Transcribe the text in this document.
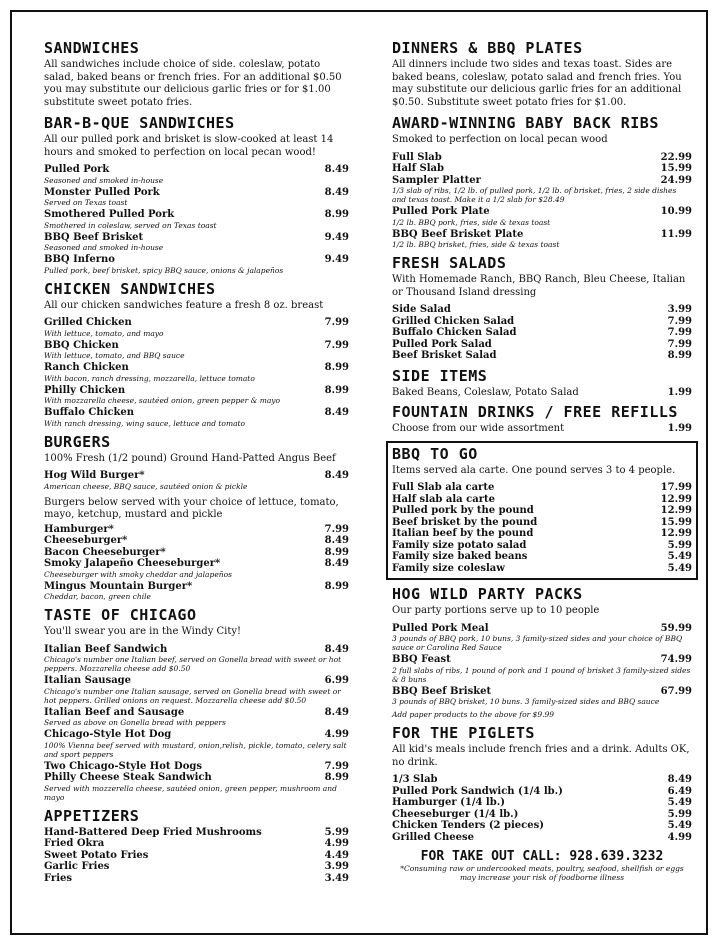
SANDWICHES
All sandwiches include choice of side. coleslaw, potato salad, baked beans or french fries. For an additional $0.50 you may substitute our delicious garlic fries or for $1.00 substitute sweet potato fries.
BAR-B-QUE SANDWICHES
All our pulled pork and brisket is slow-cooked at least 14 hours and smoked to perfection on local pecan wood!
Pulled Pork	8.49
Seasoned and smoked in-house
Monster Pulled Pork	8.49
Served on Texas toast
Smothered Pulled Pork	8.99
Smothered in coleslaw, served on Texas toast
BBQ Beef Brisket	9.49
Seasoned and smoked in-house
BBQ Inferno	9.49
Pulled pork, beef brisket, spicy BBQ sauce, onions & jalapeños
CHICKEN SANDWICHES
All our chicken sandwiches feature a fresh 8 oz. breast
Grilled Chicken	7.99
With lettuce, tomato, and mayo
BBQ Chicken	7.99
With lettuce, tomato, and BBQ sauce
Ranch Chicken	8.99
With bacon, ranch dressing, mozzarella, lettuce tomato
Philly Chicken	8.99
With mozzarella cheese, sautéed onion, green pepper & mayo
Buffalo Chicken	8.49
With ranch dressing, wing sauce, lettuce and tomato
BURGERS
100% Fresh (1/2 pound) Ground Hand-Patted Angus Beef
Hog Wild Burger*	8.49
American cheese, BBQ sauce, sautéed onion & pickle
Burgers below served with your choice of lettuce, tomato, mayo, ketchup, mustard and pickle
Hamburger*	7.99
Cheeseburger*	8.49
Bacon Cheeseburger*	8.99
Smoky Jalapeño Cheeseburger*	8.49
Cheeseburger with smoky cheddar and jalapeños
Mingus Mountain Burger*	8.99
Cheddar, bacon, green chile
TASTE OF CHICAGO
You'll swear you are in the Windy City!
Italian Beef Sandwich	8.49
Chicago's number one Italian beef, served on Gonella bread with sweet or hot peppers. Mozzarella cheese add $0.50
Italian Sausage	6.99
Chicago's number one Italian sausage, served on Gonella bread with sweet or hot peppers. Grilled onions on request. Mozzarella cheese add $0.50
Italian Beef and Sausage	8.49
Served as above on Gonella bread with peppers
Chicago-Style Hot Dog	4.99
100% Vienna beef served with mustard, onion,relish, pickle, tomato, celery salt and sport peppers
Two Chicago-Style Hot Dogs	7.99
Philly Cheese Steak Sandwich	8.99
Served with mozzerella cheese, sautéed onion, green pepper, mushroom and mayo
APPETIZERS
Hand-Battered Deep Fried Mushrooms	5.99
Fried Okra	4.99
Sweet Potato Fries	4.49
Garlic Fries	3.99
Fries	3.49
DINNERS & BBQ PLATES
All dinners include two sides and texas toast. Sides are baked beans, coleslaw, potato salad and french fries. You may substitute our delicious garlic fries for an additional $0.50. Substitute sweet potato fries for $1.00.
AWARD-WINNING BABY BACK RIBS
Smoked to perfection on local pecan wood
Full Slab	22.99
Half Slab	15.99
Sampler Platter	24.99
1/3 slab of ribs, 1/2 lb. of pulled pork, 1/2 lb. of brisket, fries, 2 side dishes and texas toast. Make it a 1/2 slab for $28.49
Pulled Pork Plate	10.99
1/2 lb. BBQ pork, fries, side & texas toast
BBQ Beef Brisket Plate	11.99
1/2 lb. BBQ brisket, fries, side & texas toast
FRESH SALADS
With Homemade Ranch, BBQ Ranch, Bleu Cheese, Italian or Thousand Island dressing
Side Salad	3.99
Grilled Chicken Salad	7.99
Buffalo Chicken Salad	7.99
Pulled Pork Salad	7.99
Beef Brisket Salad	8.99
SIDE ITEMS
Baked Beans, Coleslaw, Potato Salad	1.99
FOUNTAIN DRINKS / FREE REFILLS
Choose from our wide assortment	1.99
BBQ TO GO
Items served ala carte. One pound serves 3 to 4 people.
Full Slab ala carte	17.99
Half slab ala carte	12.99
Pulled pork by the pound	12.99
Beef brisket by the pound	15.99
Italian beef by the pound	12.99
Family size potato salad	5.99
Family size baked beans	5.49
Family size coleslaw	5.49
HOG WILD PARTY PACKS
Our party portions serve up to 10 people
Pulled Pork Meal	59.99
3 pounds of BBQ pork, 10 buns, 3 family-sized sides and your choice of BBQ sauce or Carolina Red Sauce
BBQ Feast	74.99
2 full slabs of ribs, 1 pound of pork and 1 pound of brisket 3 family-sized sides & 8 buns
BBQ Beef Brisket	67.99
3 pounds of BBQ brisket, 10 buns. 3 family-sized sides and BBQ sauce
Add paper products to the above for $9.99
FOR THE PIGLETS
All kid's meals include french fries and a drink. Adults OK, no drink.
1/3 Slab	8.49
Pulled Pork Sandwich (1/4 lb.)	6.49
Hamburger (1/4 lb.)	5.49
Cheeseburger (1/4 lb.)	5.99
Chicken Tenders (2 pieces)	5.49
Grilled Cheese	4.99
FOR TAKE OUT CALL: 928.639.3232
*Consuming raw or undercooked meats, poultry, seafood, shellfish or eggs may increase your risk of foodborne illness
